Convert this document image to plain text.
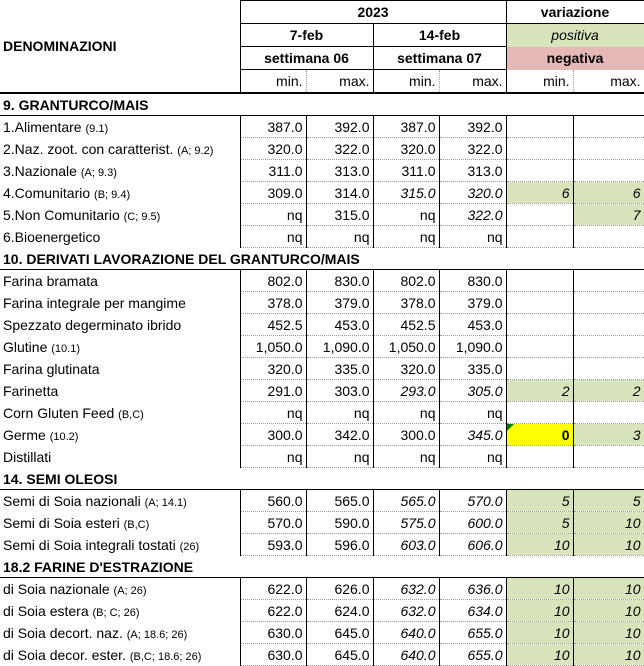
DENOMINAZIONI	2023				variazione	
	7-feb		14-feb		positiva	
	settimana 06		settimana 07		negativa	
	min.	max.	min.	max.	min.	max.
9. GRANTURCO/MAIS						
1.Alimentare (9.1)	387.0	392.0	387.0	392.0		
2.Naz. zoot. con caratterist. (A; 9.2)	320.0	322.0	320.0	322.0		
3.Nazionale (A; 9.3)	311.0	313.0	311.0	313.0		
4.Comunitario (B; 9.4)	309.0	314.0	315.0	320.0	6	6
5.Non Comunitario (C; 9.5)	nq	315.0	nq	322.0		7
6.Bioenergetico	nq	nq	nq	nq		
10. DERIVATI LAVORAZIONE DEL GRANTURCO/MAIS						
Farina bramata	802.0	830.0	802.0	830.0		
Farina integrale per mangime	378.0	379.0	378.0	379.0		
Spezzato degerminato ibrido	452.5	453.0	452.5	453.0		
Glutine (10.1)	1,050.0	1,090.0	1,050.0	1,090.0		
Farina glutinata	320.0	335.0	320.0	335.0		
Farinetta	291.0	303.0	293.0	305.0	2	2
Corn Gluten Feed (B,C)	nq	nq	nq	nq		
Germe (10.2)	300.0	342.0	300.0	345.0	0	3
Distillati	nq	nq	nq	nq		
14. SEMI OLEOSI						
Semi di Soia nazionali (A; 14.1)	560.0	565.0	565.0	570.0	5	5
Semi di Soia esteri (B,C)	570.0	590.0	575.0	600.0	5	10
Semi di Soia integrali tostati (26)	593.0	596.0	603.0	606.0	10	10
18.2 FARINE D'ESTRAZIONE						
di Soia nazionale (A; 26)	622.0	626.0	632.0	636.0	10	10
di Soia estera (B; C; 26)	622.0	624.0	632.0	634.0	10	10
di Soia decort. naz. (A; 18.6; 26)	630.0	645.0	640.0	655.0	10	10
di Soia decor. ester. (B,C; 18.6; 26)	630.0	645.0	640.0	655.0	10	10
